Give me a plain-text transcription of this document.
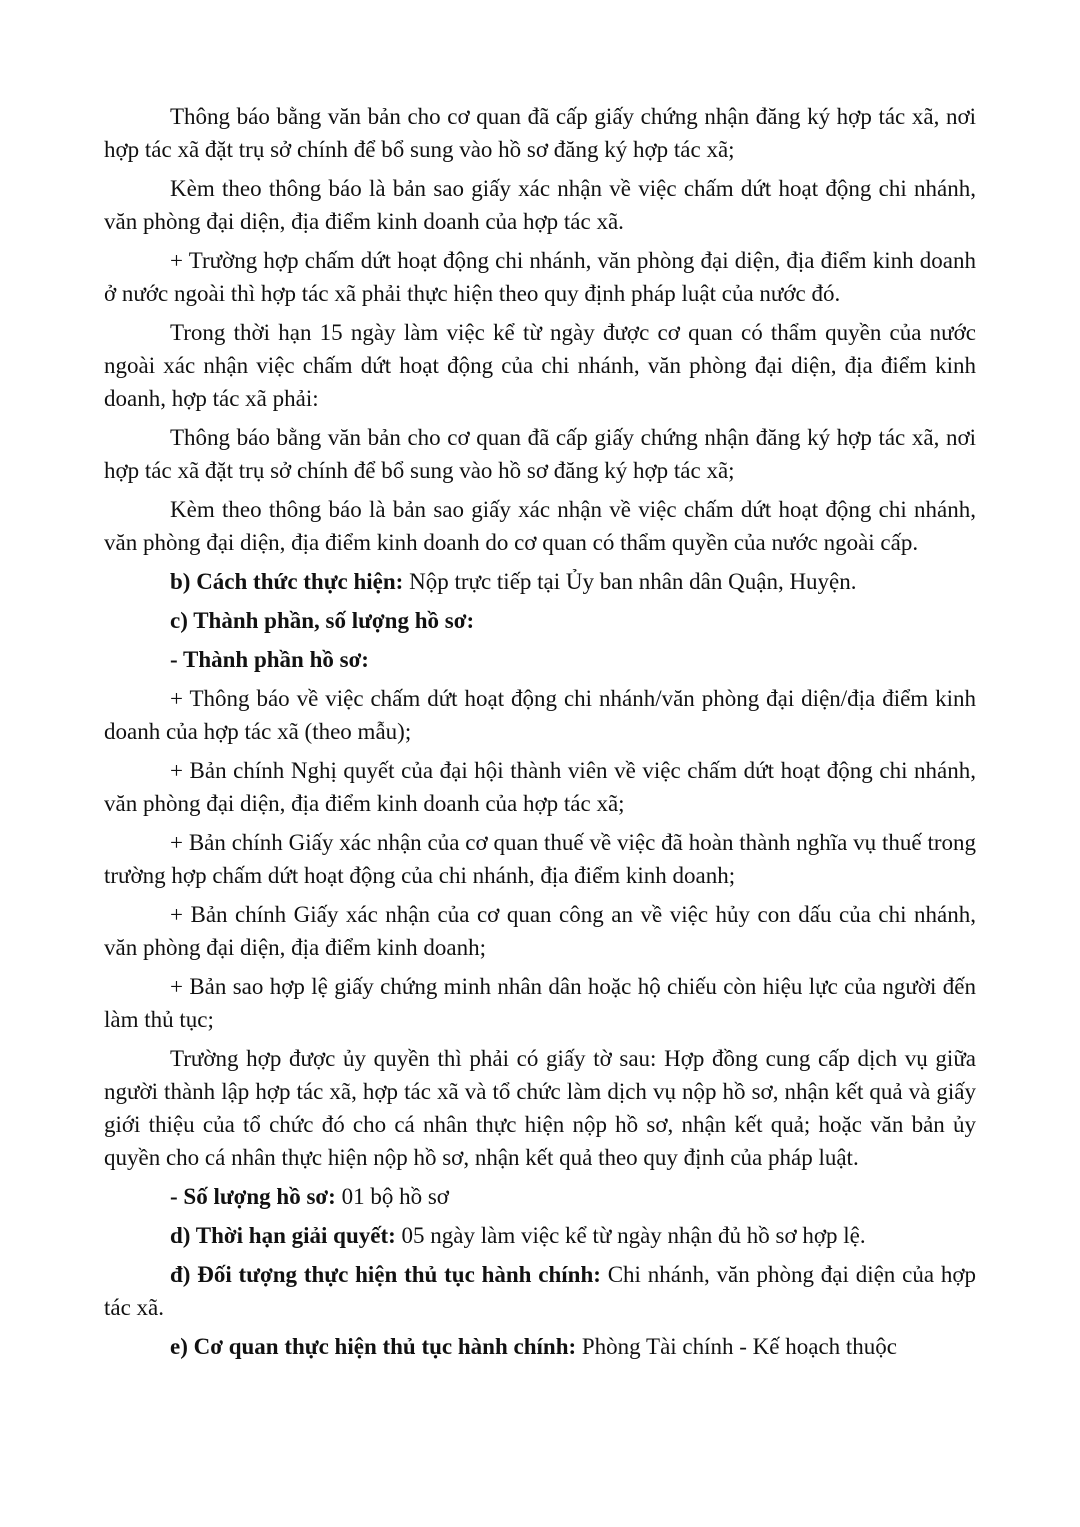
Thông báo bằng văn bản cho cơ quan đã cấp giấy chứng nhận đăng ký hợp tác xã, nơi hợp tác xã đặt trụ sở chính để bổ sung vào hồ sơ đăng ký hợp tác xã;

Kèm theo thông báo là bản sao giấy xác nhận về việc chấm dứt hoạt động chi nhánh, văn phòng đại diện, địa điểm kinh doanh của hợp tác xã.

+ Trường hợp chấm dứt hoạt động chi nhánh, văn phòng đại diện, địa điểm kinh doanh ở nước ngoài thì hợp tác xã phải thực hiện theo quy định pháp luật của nước đó.

Trong thời hạn 15 ngày làm việc kể từ ngày được cơ quan có thẩm quyền của nước ngoài xác nhận việc chấm dứt hoạt động của chi nhánh, văn phòng đại diện, địa điểm kinh doanh, hợp tác xã phải:

Thông báo bằng văn bản cho cơ quan đã cấp giấy chứng nhận đăng ký hợp tác xã, nơi hợp tác xã đặt trụ sở chính để bổ sung vào hồ sơ đăng ký hợp tác xã;

Kèm theo thông báo là bản sao giấy xác nhận về việc chấm dứt hoạt động chi nhánh, văn phòng đại diện, địa điểm kinh doanh do cơ quan có thẩm quyền của nước ngoài cấp.

b) Cách thức thực hiện: Nộp trực tiếp tại Ủy ban nhân dân Quận, Huyện.

c) Thành phần, số lượng hồ sơ:

- Thành phần hồ sơ:

+ Thông báo về việc chấm dứt hoạt động chi nhánh/văn phòng đại diện/địa điểm kinh doanh của hợp tác xã (theo mẫu);

+ Bản chính Nghị quyết của đại hội thành viên về việc chấm dứt hoạt động chi nhánh, văn phòng đại diện, địa điểm kinh doanh của hợp tác xã;

+ Bản chính Giấy xác nhận của cơ quan thuế về việc đã hoàn thành nghĩa vụ thuế trong trường hợp chấm dứt hoạt động của chi nhánh, địa điểm kinh doanh;

+ Bản chính Giấy xác nhận của cơ quan công an về việc hủy con dấu của chi nhánh, văn phòng đại diện, địa điểm kinh doanh;

+ Bản sao hợp lệ giấy chứng minh nhân dân hoặc hộ chiếu còn hiệu lực của người đến làm thủ tục;

Trường hợp được ủy quyền thì phải có giấy tờ sau: Hợp đồng cung cấp dịch vụ giữa người thành lập hợp tác xã, hợp tác xã và tổ chức làm dịch vụ nộp hồ sơ, nhận kết quả và giấy giới thiệu của tổ chức đó cho cá nhân thực hiện nộp hồ sơ, nhận kết quả; hoặc văn bản ủy quyền cho cá nhân thực hiện nộp hồ sơ, nhận kết quả theo quy định của pháp luật.

- Số lượng hồ sơ: 01 bộ hồ sơ

d) Thời hạn giải quyết: 05 ngày làm việc kể từ ngày nhận đủ hồ sơ hợp lệ.

đ) Đối tượng thực hiện thủ tục hành chính: Chi nhánh, văn phòng đại diện của hợp tác xã.

e) Cơ quan thực hiện thủ tục hành chính: Phòng Tài chính - Kế hoạch thuộc
